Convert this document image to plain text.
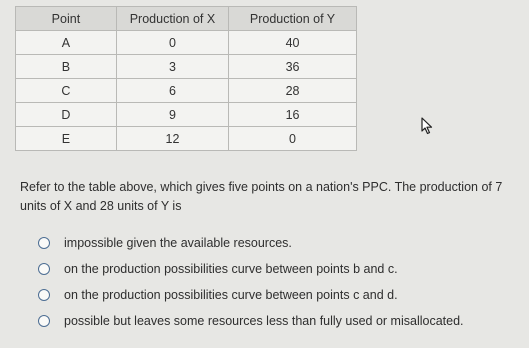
Point	Production of X	Production of Y
A	0	40
B	3	36
C	6	28
D	9	16
E	12	0
Refer to the table above, which gives five points on a nation's PPC. The production of 7 units of X and 28 units of Y is
impossible given the available resources.
on the production possibilities curve between points b and c.
on the production possibilities curve between points c and d.
possible but leaves some resources less than fully used or misallocated.
